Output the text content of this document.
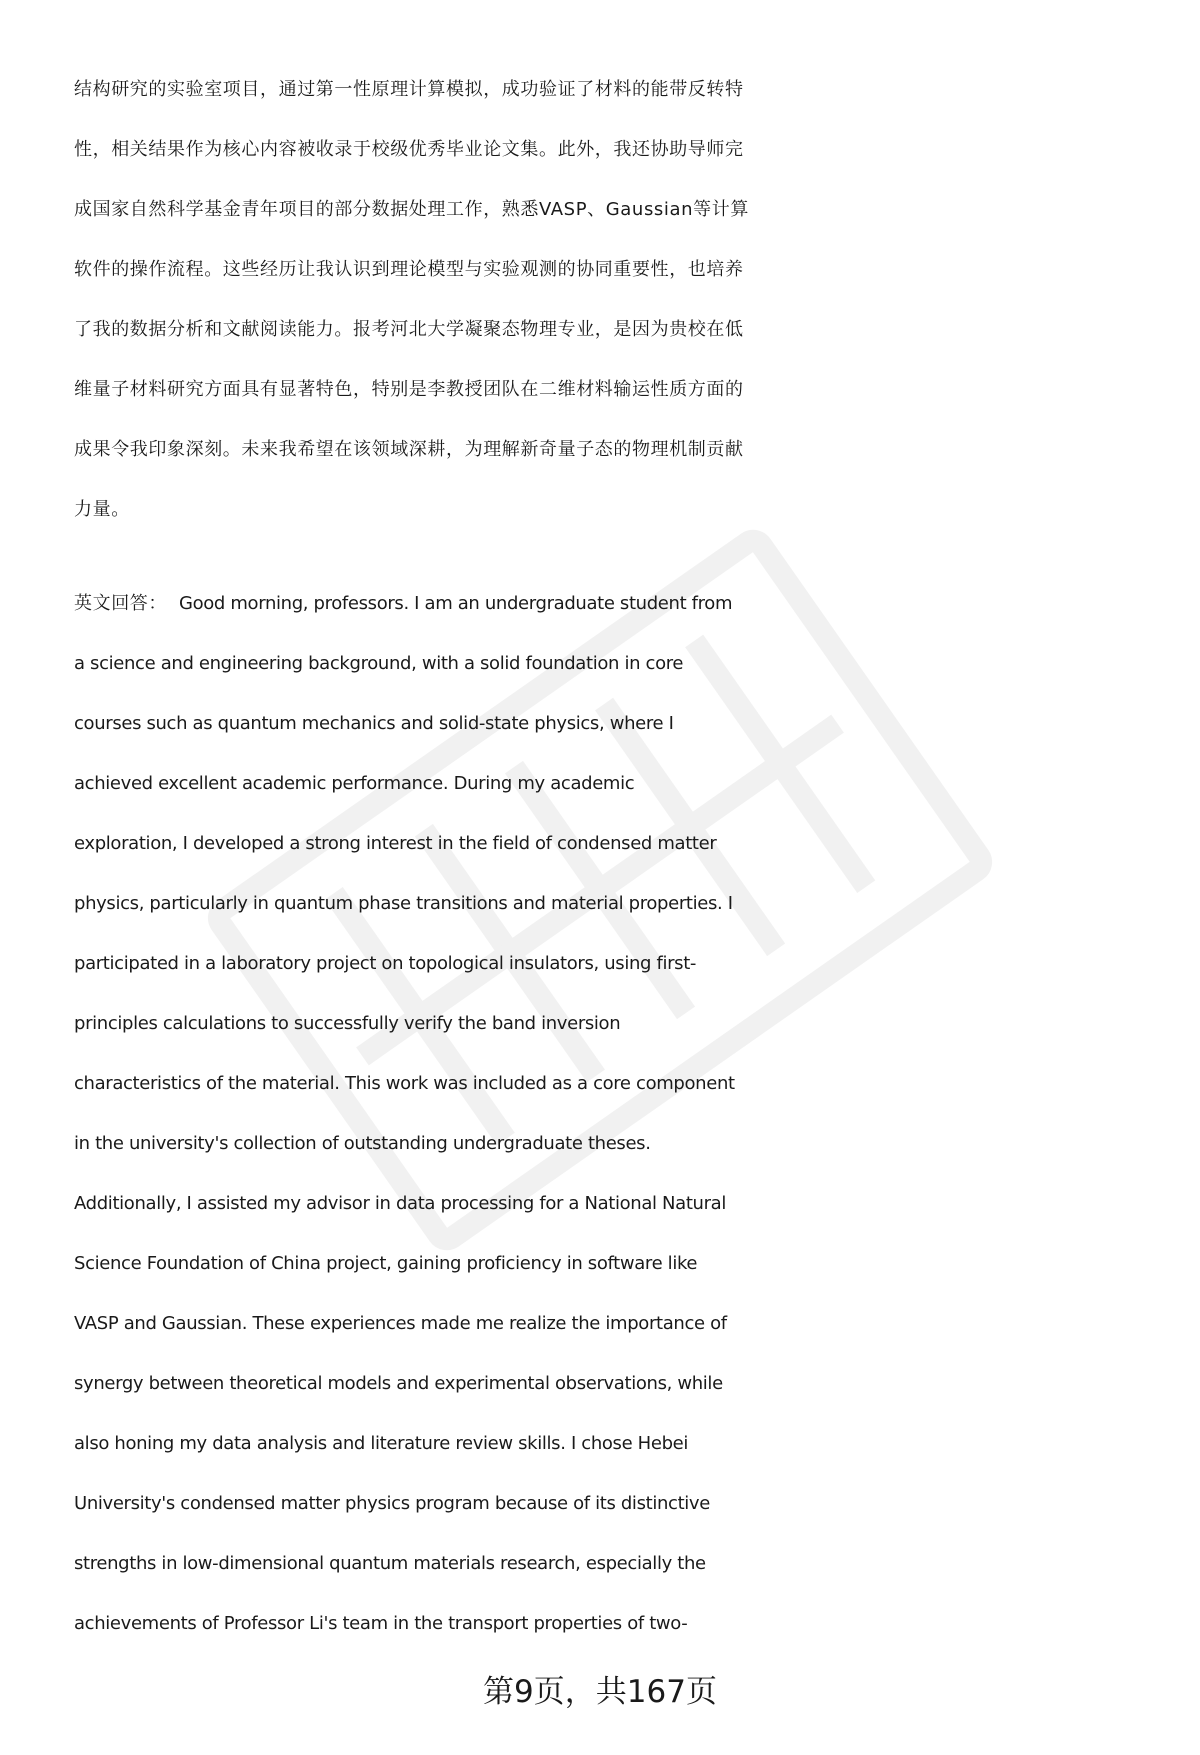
结构研究的实验室项目，通过第一性原理计算模拟，成功验证了材料的能带反转特
性，相关结果作为核心内容被收录于校级优秀毕业论文集。此外，我还协助导师完
成国家自然科学基金青年项目的部分数据处理工作，熟悉VASP、Gaussian等计算
软件的操作流程。这些经历让我认识到理论模型与实验观测的协同重要性，也培养
了我的数据分析和文献阅读能力。报考河北大学凝聚态物理专业，是因为贵校在低
维量子材料研究方面具有显著特色，特别是李教授团队在二维材料输运性质方面的
成果令我印象深刻。未来我希望在该领域深耕，为理解新奇量子态的物理机制贡献
力量。
英文回答： Good morning, professors. I am an undergraduate student from
a science and engineering background, with a solid foundation in core
courses such as quantum mechanics and solid-state physics, where I
achieved excellent academic performance. During my academic
exploration, I developed a strong interest in the field of condensed matter
physics, particularly in quantum phase transitions and material properties. I
participated in a laboratory project on topological insulators, using first-
principles calculations to successfully verify the band inversion
characteristics of the material. This work was included as a core component
in the university's collection of outstanding undergraduate theses.
Additionally, I assisted my advisor in data processing for a National Natural
Science Foundation of China project, gaining proficiency in software like
VASP and Gaussian. These experiences made me realize the importance of
synergy between theoretical models and experimental observations, while
also honing my data analysis and literature review skills. I chose Hebei
University's condensed matter physics program because of its distinctive
strengths in low-dimensional quantum materials research, especially the
achievements of Professor Li's team in the transport properties of two-
第9页，共167页
